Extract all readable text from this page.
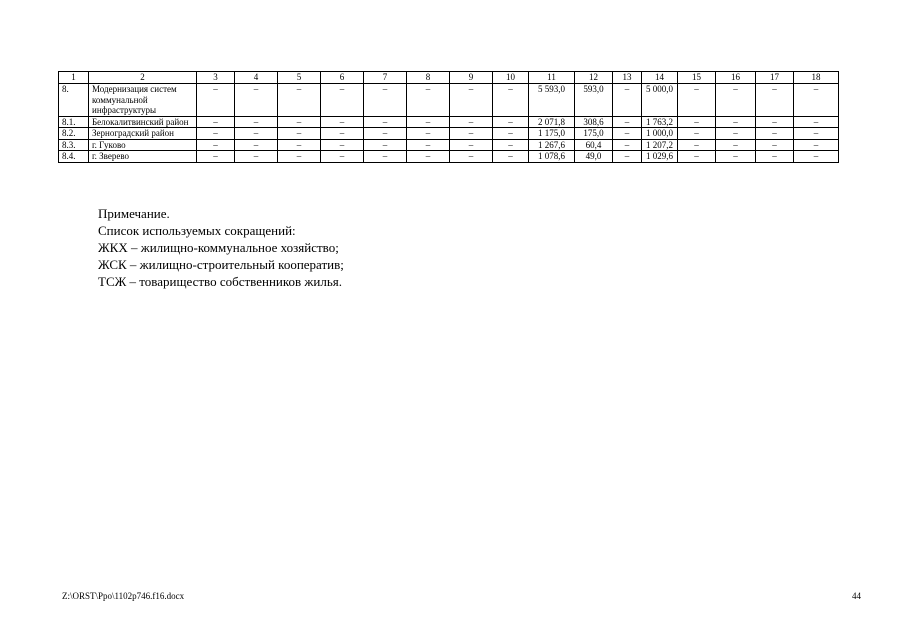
1	2	3	4	5	6	7	8	9	10	11	12	13	14	15	16	17	18
8.	Модернизация систем коммунальной инфраструктуры	–	–	–	–	–	–	–	–	5 593,0	593,0	–	5 000,0	–	–	–	–
8.1.	Белокалитвинский район	–	–	–	–	–	–	–	–	2 071,8	308,6	–	1 763,2	–	–	–	–
8.2.	Зерноградский район	–	–	–	–	–	–	–	–	1 175,0	175,0	–	1 000,0	–	–	–	–
8.3.	г. Гуково	–	–	–	–	–	–	–	–	1 267,6	60,4	–	1 207,2	–	–	–	–
8.4.	г. Зверево	–	–	–	–	–	–	–	–	1 078,6	49,0	–	1 029,6	–	–	–	–
Примечание.
Список используемых сокращений:
ЖКХ – жилищно-коммунальное хозяйство;
ЖСК – жилищно-строительный кооператив;
ТСЖ – товарищество собственников жилья.
Z:\ORST\Ppo\1102p746.f16.docx	44
